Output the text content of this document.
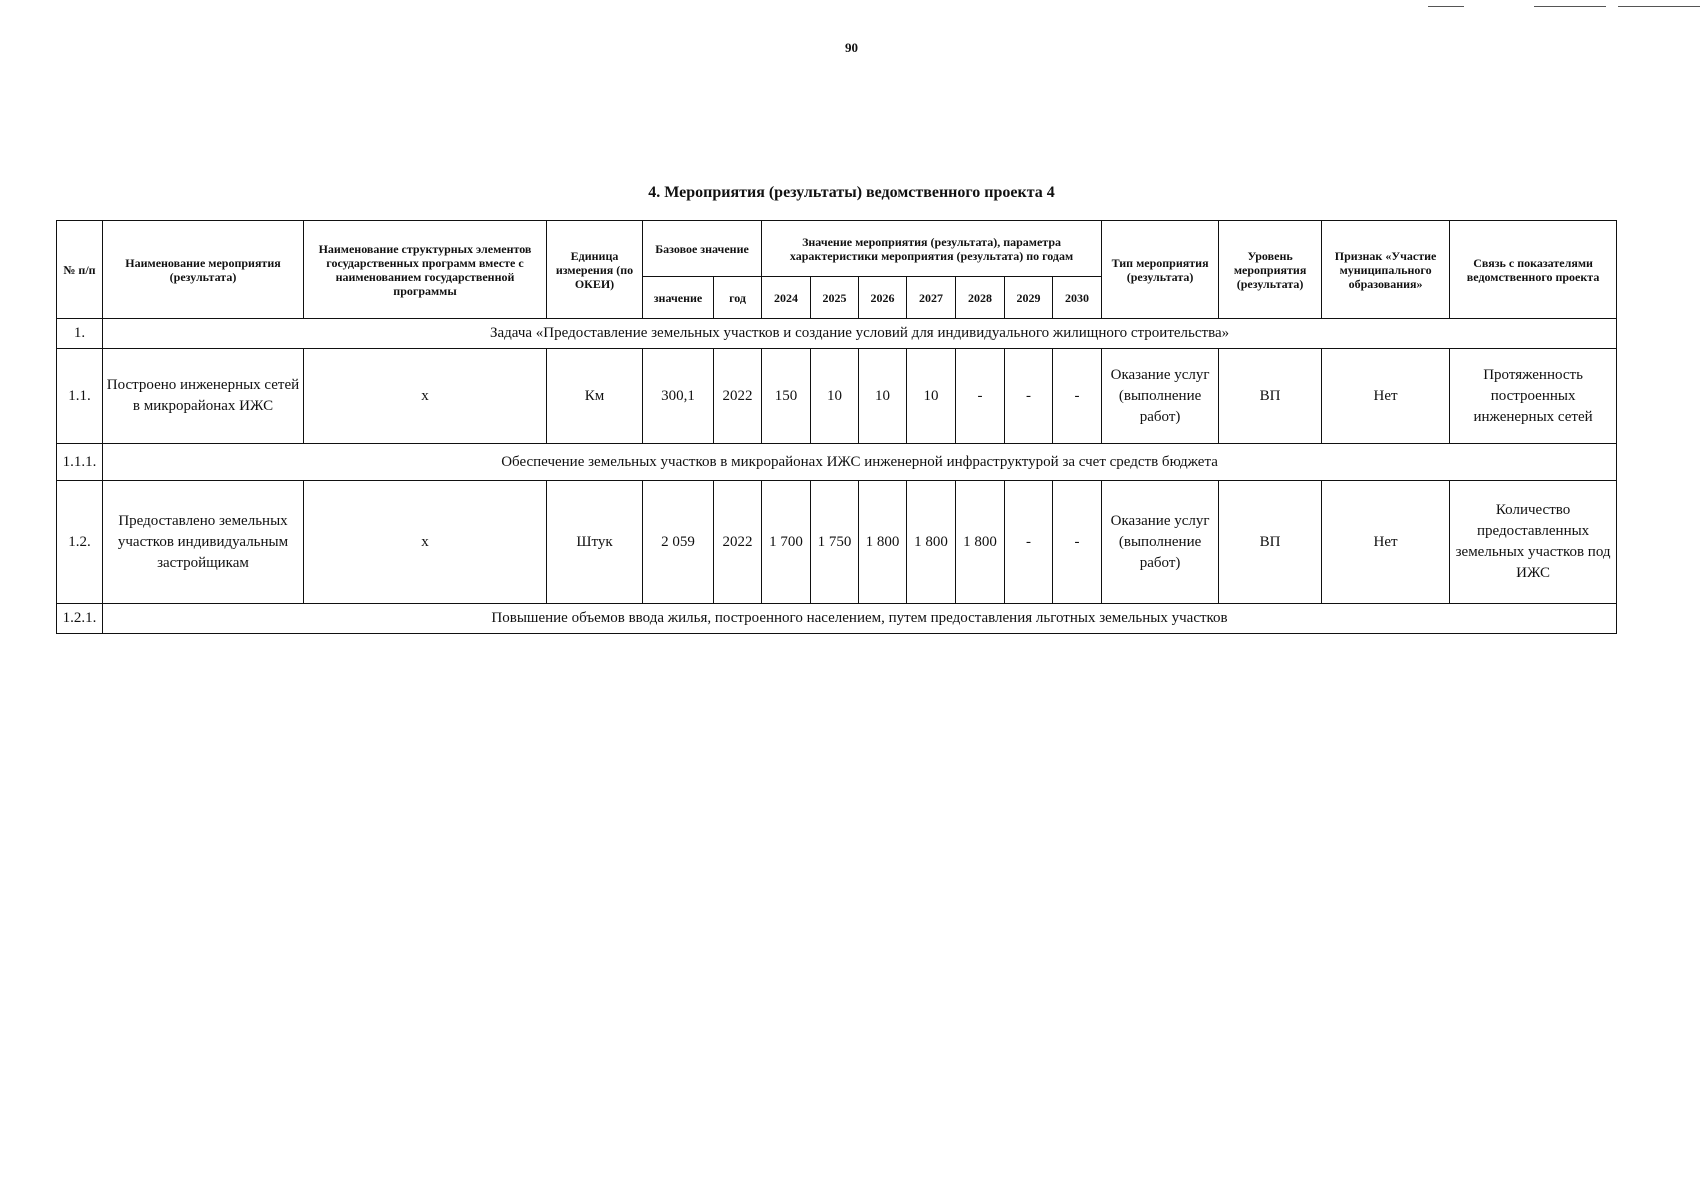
90
4. Мероприятия (результаты) ведомственного проекта 4
№ п/п	Наименование мероприятия (результата)	Наименование структурных элементов государственных программ вместе с наименованием государственной программы	Единица измерения (по ОКЕИ)	Базовое значение		Значение мероприятия (результата), параметра характеристики мероприятия (результата) по годам							Тип мероприятия (результата)	Уровень мероприятия (результата)	Признак «Участие муниципального образования»	Связь с показателями ведомственного проекта
				значение	год	2024	2025	2026	2027	2028	2029	2030				
1.	Задача «Предоставление земельных участков и создание условий для индивидуального жилищного строительства»															
1.1.	Построено инженерных сетей в микрорайонах ИЖС	х	Км	300,1	2022	150	10	10	10	-	-	-	Оказание услуг (выполнение работ)	ВП	Нет	Протяженность построенных инженерных сетей
1.1.1.	Обеспечение земельных участков в микрорайонах ИЖС инженерной инфраструктурой за счет средств бюджета															
1.2.	Предоставлено земельных участков индивидуальным застройщикам	х	Штук	2 059	2022	1 700	1 750	1 800	1 800	1 800	-	-	Оказание услуг (выполнение работ)	ВП	Нет	Количество предоставленных земельных участков под ИЖС
1.2.1.	Повышение объемов ввода жилья, построенного населением, путем предоставления льготных земельных участков															
